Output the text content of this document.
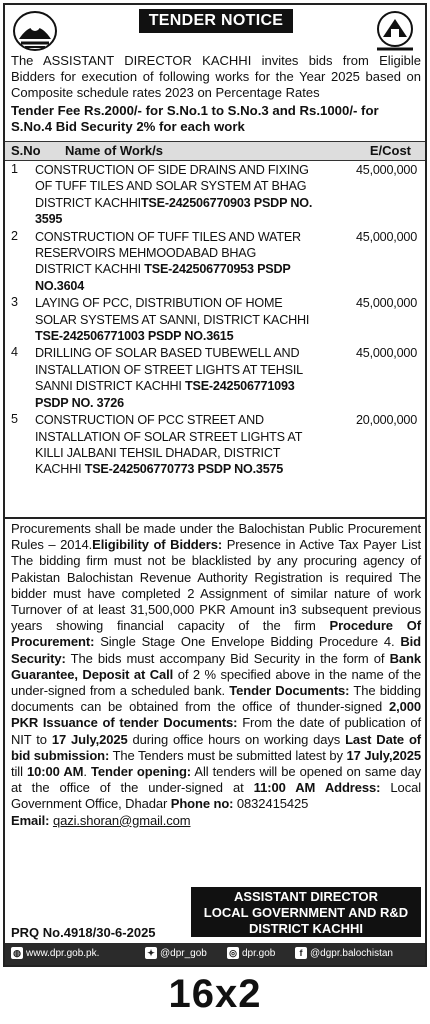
TENDER NOTICE
The ASSISTANT DIRECTOR KACHHI invites bids from Eligible Bidders for execution of following works for the Year 2025 based on Composite schedule rates 2023 on Percentage Rates
Tender Fee Rs.2000/- for S.No.1 to S.No.3 and Rs.1000/- for S.No.4 Bid Security 2% for each work
S.No Name of Work/s	E/Cost
1 CONSTRUCTION OF SIDE DRAINS AND FIXING OF TUFF TILES AND SOLAR SYSTEM AT BHAG DISTRICT KACHHITSE-242506770903 PSDP NO. 3595
45,000,000
2 CONSTRUCTION OF TUFF TILES AND WATER RESERVOIRS MEHMOODABAD BHAG DISTRICT KACHHI TSE-242506770953 PSDP NO.3604
45,000,000
3 LAYING OF PCC, DISTRIBUTION OF HOME SOLAR SYSTEMS AT SANNI, DISTRICT KACHHI TSE-242506771003 PSDP NO.3615
45,000,000
4 DRILLING OF SOLAR BASED TUBEWELL AND INSTALLATION OF STREET LIGHTS AT TEHSIL SANNI DISTRICT KACHHI TSE-242506771093 PSDP NO. 3726
45,000,000
5 CONSTRUCTION OF PCC STREET AND INSTALLATION OF SOLAR STREET LIGHTS AT KILLI JALBANI TEHSIL DHADAR, DISTRICT KACHHI TSE-242506770773 PSDP NO.3575
20,000,000
Procurements shall be made under the Balochistan Public Procurement Rules – 2014.Eligibility of Bidders: Presence in Active Tax Payer List The bidding firm must not be blacklisted by any procuring agency of Pakistan Balochistan Revenue Authority Registration is required The bidder must have completed 2 Assignment of similar nature of work Turnover of at least 31,500,000 PKR Amount in3 subsequent previous years showing financial capacity of the firm Procedure Of Procurement: Single Stage One Envelope Bidding Procedure 4. Bid Security: The bids must accompany Bid Security in the form of Bank Guarantee, Deposit at Call of 2 % specified above in the name of the under-signed from a scheduled bank. Tender Documents: The bidding documents can be obtained from the office of thunder-signed 2,000 PKR Issuance of tender Documents: From the date of publication of NIT to 17 July,2025 during office hours on working days Last Date of bid submission: The Tenders must be submitted latest by 17 July,2025 till 10:00 AM. Tender opening: All tenders will be opened on same day at the office of the under-signed at 11:00 AM Address: Local Government Office, Dhadar Phone no: 0832415425
Email: qazi.shoran@gmail.com
PRQ No.4918/30-6-2025
ASSISTANT DIRECTOR
LOCAL GOVERNMENT AND R&D
DISTRICT KACHHI
◍ www.dpr.gob.pk.	✦ @dpr_gob ◎ dpr.gob	f @dgpr.balochistan
16x2
